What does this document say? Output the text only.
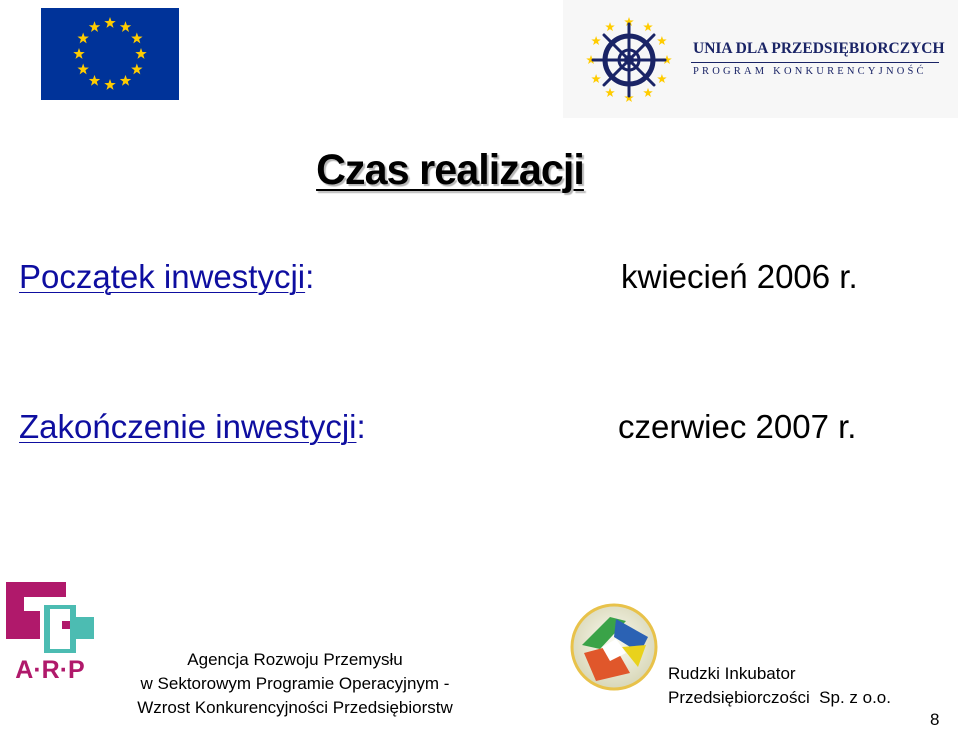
UNIA DLA PRZEDSIĘBIORCZYCH
PROGRAM KONKURENCYJNOŚĆ
Czas realizacji
Początek inwestycji:	kwiecień 2006 r.
Zakończenie inwestycji:	czerwiec 2007 r.
A·R·P	Agencja Rozwoju Przemysłu
w Sektorowym Programie Operacyjnym -
Wzrost Konkurencyjności Przedsiębiorstw
Rudzki Inkubator
Przedsiębiorczości  Sp. z o.o.
8
